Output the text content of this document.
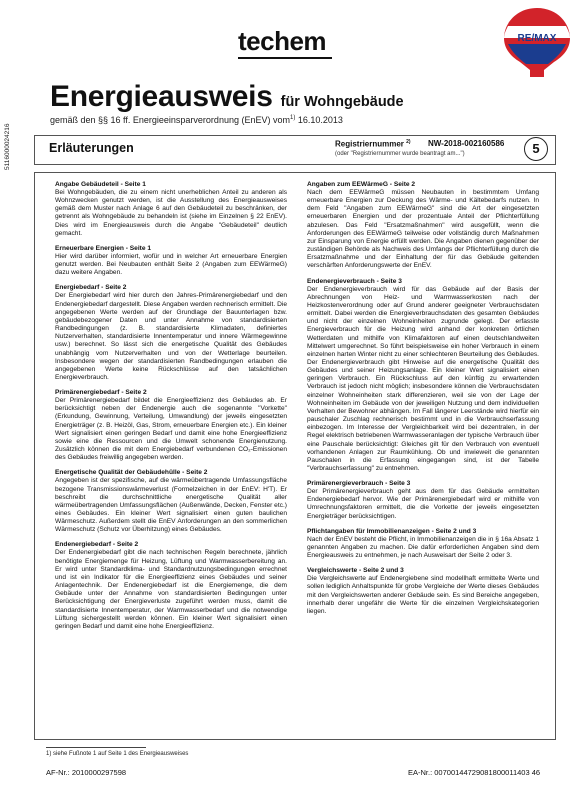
techem	RE/MAX
5116000024216
Energieausweis für Wohngebäude
gemäß den §§ 16 ff. Energieeinsparverordnung (EnEV) vom$^{1)}$ 16.10.2013
Erläuterungen	Registriernummer $^{2)}$ NW-2018-002160586
(oder "Registriernummer wurde beantragt am...")	5
Angabe Gebäudeteil - Seite 1

Bei Wohngebäuden, die zu einem nicht unerheblichen Anteil zu anderen als Wohnzwecken genutzt werden, ist die Ausstellung des Energieausweises gemäß dem Muster nach Anlage 6 auf den Gebäudeteil zu beschränken, der getrennt als Wohngebäude zu behandeln ist (siehe im Einzelnen § 22 EnEV). Dies wird im Energieausweis durch die Angabe "Gebäudeteil" deutlich gemacht.

Erneuerbare Energien - Seite 1

Hier wird darüber informiert, wofür und in welcher Art erneuerbare Energien genutzt werden. Bei Neubauten enthält Seite 2 (Angaben zum EEWärmeG) dazu weitere Angaben.

Energiebedarf - Seite 2

Der Energiebedarf wird hier durch den Jahres-Primärenergiebedarf und den Endenergiebedarf dargestellt. Diese Angaben werden rechnerisch ermittelt. Die angegebenen Werte werden auf der Grundlage der Bauunterlagen bzw. gebäudebezogener Daten und unter Annahme von standardisierten Randbedingungen (z. B. standardisierte Klimadaten, definiertes Nutzerverhalten, standardisierte Innentemperatur und innere Wärmegewinne usw.) berechnet. So lässt sich die energetische Qualität des Gebäudes unabhängig vom Nutzerverhalten und von der Wetterlage beurteilen. Insbesondere wegen der standardisierten Randbedingungen erlauben die angegebenen Werte keine Rückschlüsse auf den tatsächlichen Energieverbrauch.

Primärenergiebedarf - Seite 2

Der Primärenergiebedarf bildet die Energieeffizienz des Gebäudes ab. Er berücksichtigt neben der Endenergie auch die sogenannte "Vorkette" (Erkundung, Gewinnung, Verteilung, Umwandlung) der jeweils eingesetzten Energieträger (z. B. Heizöl, Gas, Strom, erneuerbare Energien etc.). Ein kleiner Wert signalisiert einen geringen Bedarf und damit eine hohe Energieeffizienz sowie eine die Ressourcen und die Umwelt schonende Energienutzung. Zusätzlich können die mit dem Energiebedarf verbundenen CO₂-Emissionen des Gebäudes freiwillig angegeben werden.

Energetische Qualität der Gebäudehülle - Seite 2

Angegeben ist der spezifische, auf die wärmeübertragende Umfassungsfläche bezogene Transmissionswärmeverlust (Formelzeichen in der EnEV: H'T). Er beschreibt die durchschnittliche energetische Qualität aller wärmeübertragenden Umfassungsflächen (Außenwände, Decken, Fenster etc.) eines Gebäudes. Ein kleiner Wert signalisiert einen guten baulichen Wärmeschutz. Außerdem stellt die EnEV Anforderungen an den sommerlichen Wärmeschutz (Schutz vor Überhitzung) eines Gebäudes.

Endenergiebedarf - Seite 2

Der Endenergiebedarf gibt die nach technischen Regeln berechnete, jährlich benötigte Energiemenge für Heizung, Lüftung und Warmwasserbereitung an. Er wird unter Standardklima- und Standardnutzungsbedingungen errechnet und ist ein Indikator für die Energieeffizienz eines Gebäudes und seiner Anlagentechnik. Der Endenergiebedarf ist die Energiemenge, die dem Gebäude unter der Annahme von standardisierten Bedingungen unter Berücksichtigung der Energieverluste zugeführt werden muss, damit die standardisierte Innentemperatur, der Warmwasserbedarf und die notwendige Lüftung sichergestellt werden können. Ein kleiner Wert signalisiert einen geringen Bedarf und damit eine hohe Energieeffizienz.

Angaben zum EEWärmeG - Seite 2

Nach dem EEWärmeG müssen Neubauten in bestimmtem Umfang erneuerbare Energien zur Deckung des Wärme- und Kältebedarfs nutzen. In dem Feld "Angaben zum EEWärmeG" sind die Art der eingesetzten erneuerbaren Energien und der prozentuale Anteil der Pflichterfüllung abzulesen. Das Feld "Ersatzmaßnahmen" wird ausgefüllt, wenn die Anforderungen des EEWärmeG teilweise oder vollständig durch Maßnahmen zur Einsparung von Energie erfüllt werden. Die Angaben dienen gegenüber der zuständigen Behörde als Nachweis des Umfangs der Pflichterfüllung durch die Ersatzmaßnahme und der Einhaltung der für das Gebäude geltenden verschärften Anforderungswerte der EnEV.

Endenergieverbrauch - Seite 3

Der Endenergieverbrauch wird für das Gebäude auf der Basis der Abrechnungen von Heiz- und Warmwasserkosten nach der Heizkostenverordnung oder auf Grund anderer geeigneter Verbrauchsdaten ermittelt. Dabei werden die Energieverbrauchsdaten des gesamten Gebäudes und nicht der einzelnen Wohneinheiten zugrunde gelegt. Der erfasste Energieverbrauch für die Heizung wird anhand der konkreten örtlichen Wetterdaten und mithilfe von Klimafaktoren auf einen deutschlandweiten Mittelwert umgerechnet. So führt beispielsweise ein hoher Verbrauch in einem einzelnen harten Winter nicht zu einer schlechteren Beurteilung des Gebäudes. Der Endenergieverbrauch gibt Hinweise auf die energetische Qualität des Gebäudes und seiner Heizungsanlage. Ein kleiner Wert signalisiert einen geringen Verbrauch. Ein Rückschluss auf den künftig zu erwartenden Verbrauch ist jedoch nicht möglich; insbesondere können die Verbrauchsdaten einzelner Wohneinheiten stark differenzieren, weil sie von der Lage der Wohneinheiten im Gebäude von der jeweiligen Nutzung und dem individuellen Verhalten der Bewohner abhängen. Im Fall längerer Leerstände wird hierfür ein pauschaler Zuschlag rechnerisch bestimmt und in die Verbrauchserfassung einbezogen. Im Interesse der Vergleichbarkeit wird bei dezentralen, in der Regel elektrisch betriebenen Warmwasseranlagen der typische Verbrauch über eine Pauschale berücksichtigt: Gleiches gilt für den Verbrauch von eventuell vorhandenen Anlagen zur Raumkühlung. Ob und inwieweit die genannten Pauschalen in die Erfassung eingegangen sind, ist der Tabelle "Verbrauchserfassung" zu entnehmen.

Primärenergieverbrauch - Seite 3

Der Primärenergieverbrauch geht aus dem für das Gebäude ermittelten Endenergiebedarf hervor. Wie der Primärenergiebedarf wird er mithilfe von Umrechnungsfaktoren ermittelt, die die Vorkette der jeweils eingesetzten Energieträger berücksichtigen.

Pflichtangaben für Immobilienanzeigen - Seite 2 und 3

Nach der EnEV besteht die Pflicht, in Immobilienanzeigen die in § 16a Absatz 1 genannten Angaben zu machen. Die dafür erforderlichen Angaben sind dem Energieausweis zu entnehmen, je nach Ausweisart der Seite 2 oder 3.

Vergleichswerte - Seite 2 und 3

Die Vergleichswerte auf Endenergiebene sind modellhaft ermittelte Werte und sollen lediglich Anhaltspunkte für grobe Vergleiche der Werte dieses Gebäudes mit den Vergleichswerten anderer Gebäude sein. Es sind Bereiche angegeben, innerhalb derer ungefähr die Werte für die einzelnen Vergleichskategorien liegen.

1) siehe Fußnote 1 auf Seite 1 des Energieausweises
AF-Nr.: 2010000297598	EA-Nr.: 00700144729081800011403 46
